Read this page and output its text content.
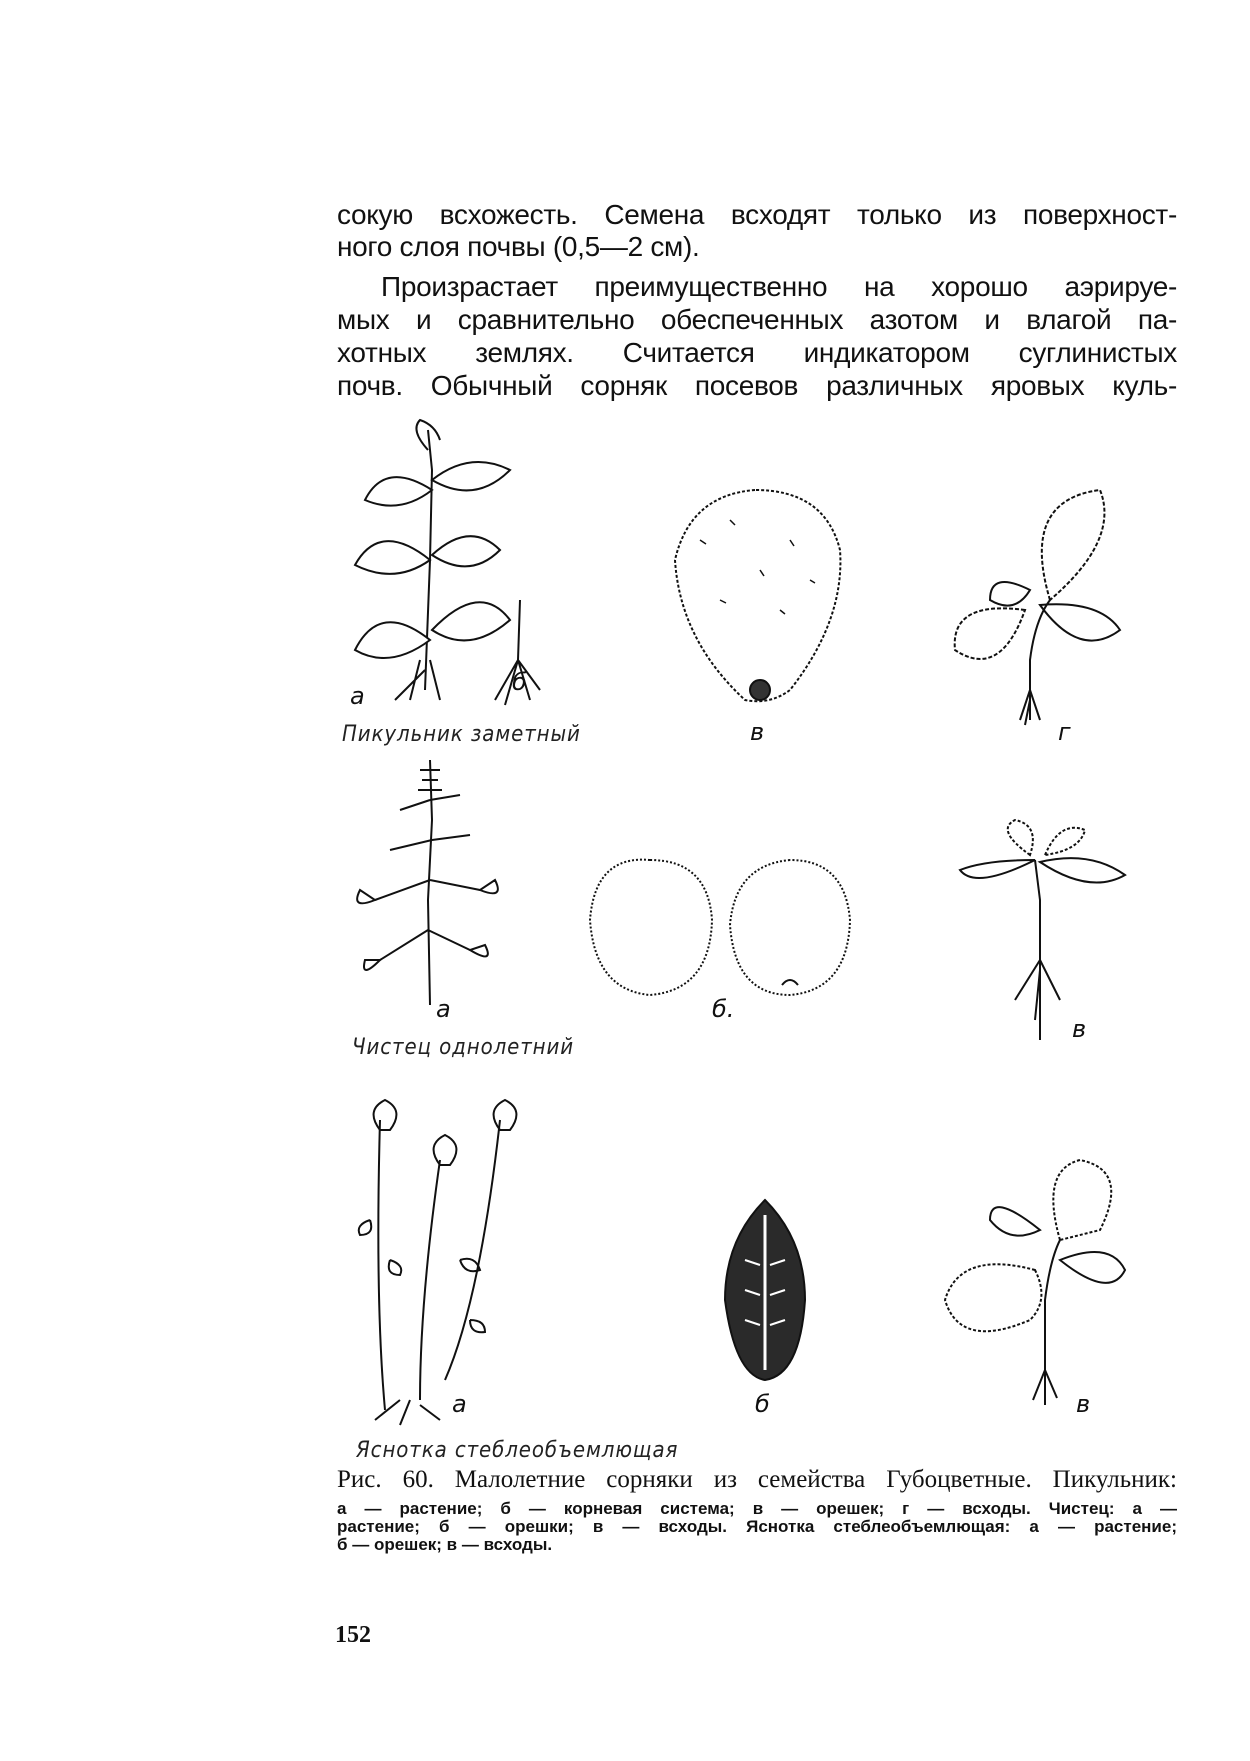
сокую всхожесть. Семена всходят только из поверхност-
ного слоя почвы (0,5—2 см).
Произрастает преимущественно на хорошо аэрируе-
мых и сравнительно обеспеченных азотом и влагой па-
хотных землях. Считается индикатором суглинистых
почв. Обычный сорняк посевов различных яровых куль-
а	б
в	г
Пикульник заметный
а	б.
в
Чистец однолетний
а	б	в
Яснотка стеблеобъемлющая
Рис. 60. Малолетние сорняки из семейства Губоцветные. Пикульник:
а — растение; б — корневая система; в — орешек; г — всходы. Чистец: а —
растение; б — орешки; в — всходы. Яснотка стеблеобъемлющая: а — растение;
б — орешек; в — всходы.
152
